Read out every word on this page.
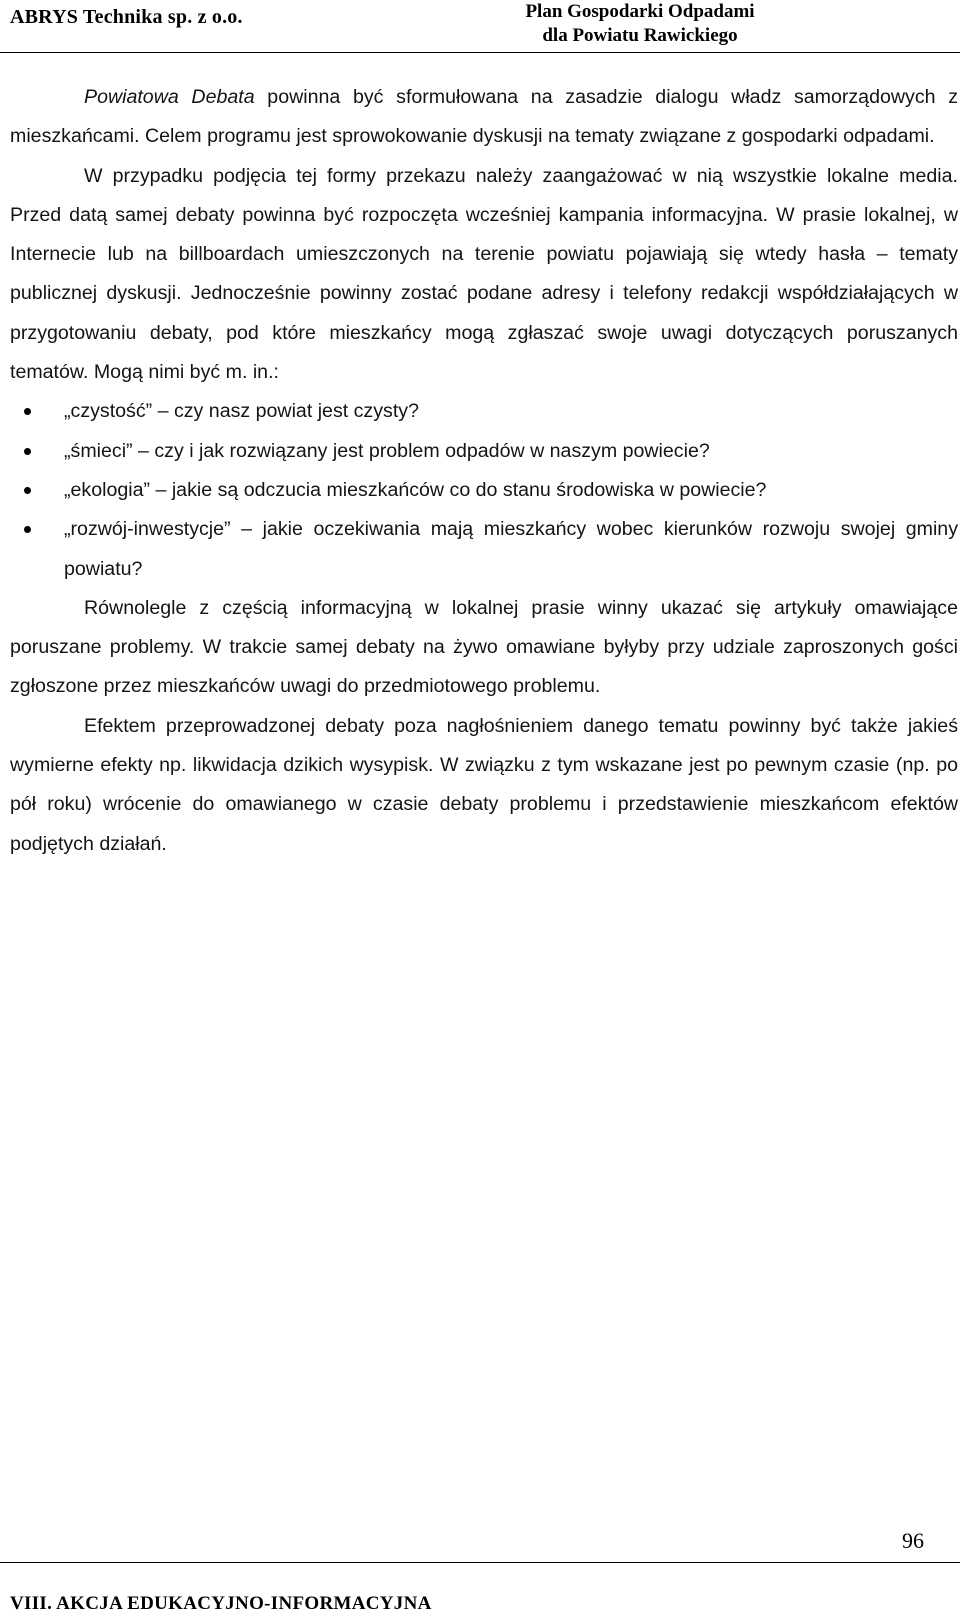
ABRYS Technika sp. z o.o.	Plan Gospodarki Odpadami
dla Powiatu Rawickiego

Powiatowa Debata powinna być sformułowana na zasadzie dialogu władz samorządowych z mieszkańcami. Celem programu jest sprowokowanie dyskusji na tematy związane z gospodarki odpadami.

W przypadku podjęcia tej formy przekazu należy zaangażować w nią wszystkie lokalne media. Przed datą samej debaty powinna być rozpoczęta wcześniej kampania informacyjna. W prasie lokalnej, w Internecie lub na billboardach umieszczonych na terenie powiatu pojawiają się wtedy hasła – tematy publicznej dyskusji. Jednocześnie powinny zostać podane adresy i telefony redakcji współdziałających w przygotowaniu debaty, pod które mieszkańcy mogą zgłaszać swoje uwagi dotyczących poruszanych tematów. Mogą nimi być m. in.:

„czystość” – czy nasz powiat jest czysty?
„śmieci” – czy i jak rozwiązany jest problem odpadów w naszym powiecie?
„ekologia” – jakie są odczucia mieszkańców co do stanu środowiska w powiecie?
„rozwój-inwestycje” – jakie oczekiwania mają mieszkańcy wobec kierunków rozwoju swojej gminy powiatu?

Równolegle z częścią informacyjną w lokalnej prasie winny ukazać się artykuły omawiające poruszane problemy. W trakcie samej debaty na żywo omawiane byłyby przy udziale zaproszonych gości zgłoszone przez mieszkańców uwagi do przedmiotowego problemu.

Efektem przeprowadzonej debaty poza nagłośnieniem danego tematu powinny być także jakieś wymierne efekty np. likwidacja dzikich wysypisk. W związku z tym wskazane jest po pewnym czasie (np. po pół roku) wrócenie do omawianego w czasie debaty problemu i przedstawienie mieszkańcom efektów podjętych działań.

96
VIII. AKCJA EDUKACYJNO-INFORMACYJNA
